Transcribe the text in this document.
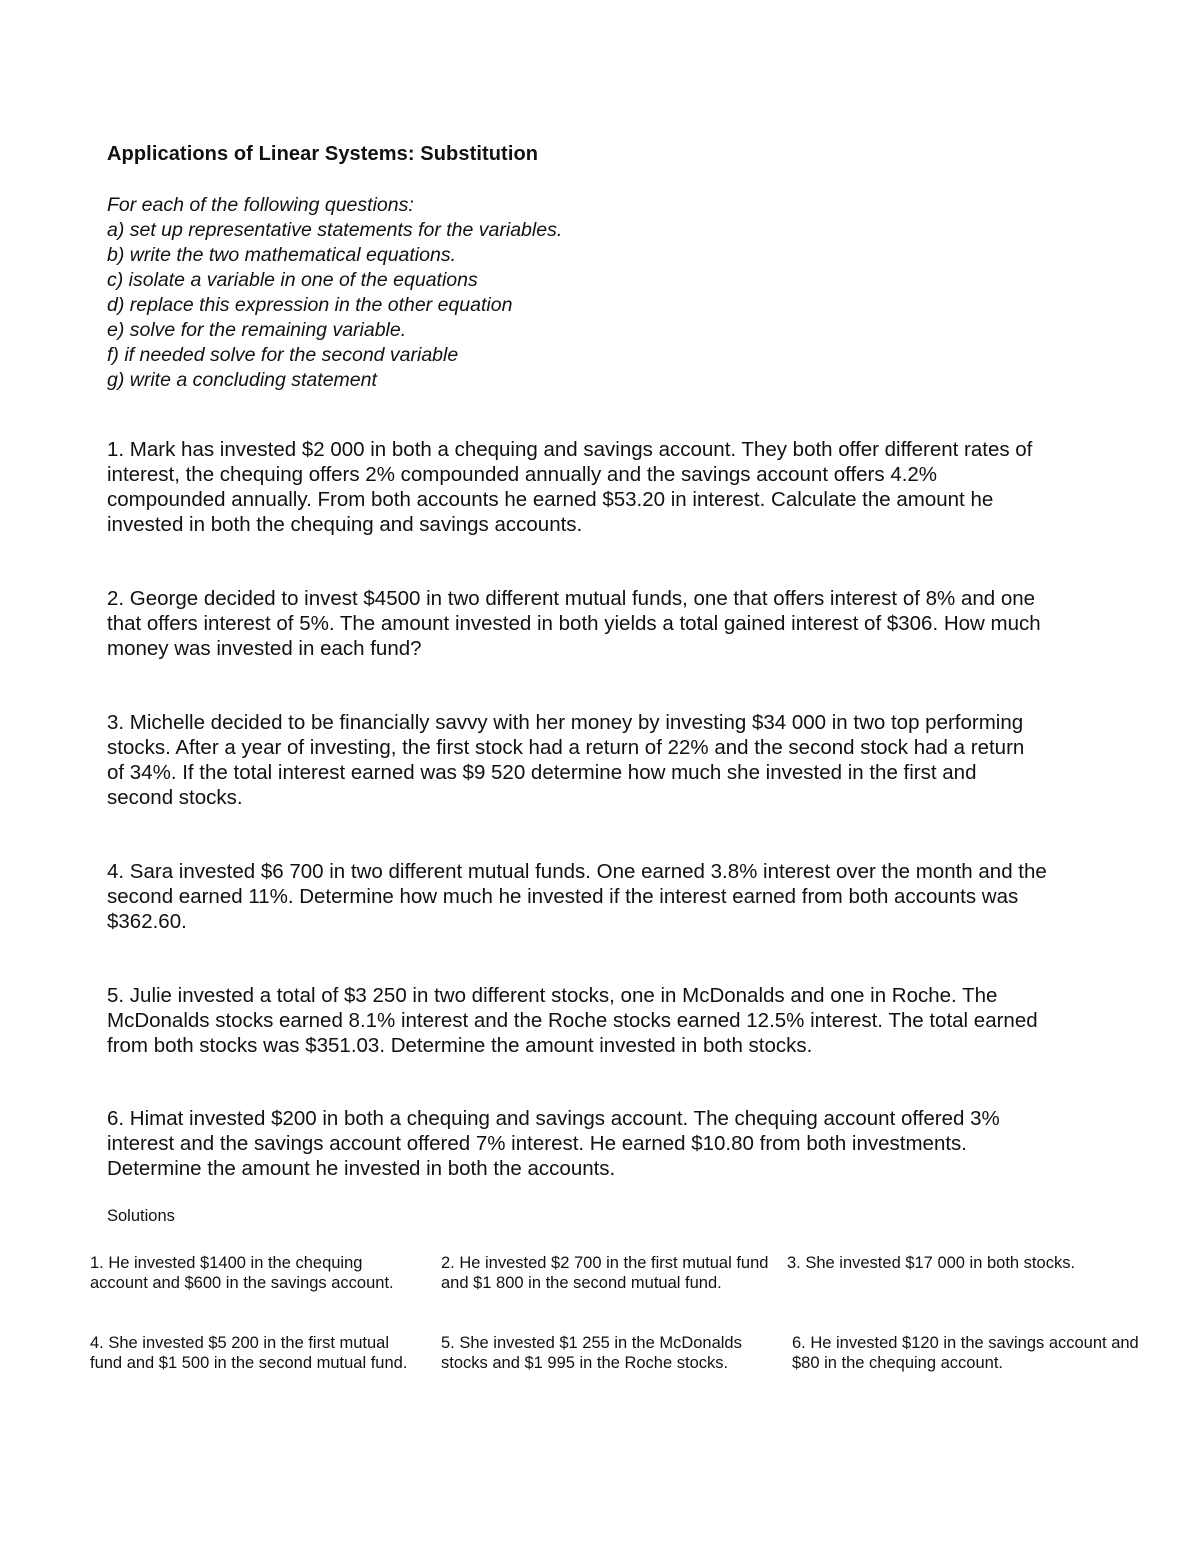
Applications of Linear Systems: Substitution
For each of the following questions:
a) set up representative statements for the variables.
b) write the two mathematical equations.
c) isolate a variable in one of the equations
d) replace this expression in the other equation
e) solve for the remaining variable.
f) if needed solve for the second variable
g) write a concluding statement

1. Mark has invested $2 000 in both a chequing and savings account. They both offer different rates of interest, the chequing offers 2% compounded annually and the savings account offers 4.2% compounded annually. From both accounts he earned $53.20 in interest. Calculate the amount he invested in both the chequing and savings accounts.

2. George decided to invest $4500 in two different mutual funds, one that offers interest of 8% and one that offers interest of 5%. The amount invested in both yields a total gained interest of $306. How much money was invested in each fund?

3. Michelle decided to be financially savvy with her money by investing $34 000 in two top performing stocks. After a year of investing, the first stock had a return of 22% and the second stock had a return of 34%. If the total interest earned was $9 520 determine how much she invested in the first and second stocks.

4. Sara invested $6 700 in two different mutual funds. One earned 3.8% interest over the month and the second earned 11%. Determine how much he invested if the interest earned from both accounts was $362.60.

5. Julie invested a total of $3 250 in two different stocks, one in McDonalds and one in Roche. The McDonalds stocks earned 8.1% interest and the Roche stocks earned 12.5% interest. The total earned from both stocks was $351.03. Determine the amount invested in both stocks.

6. Himat invested $200 in both a chequing and savings account. The chequing account offered 3% interest and the savings account offered 7% interest. He earned $10.80 from both investments. Determine the amount he invested in both the accounts.

Solutions

1. He invested $1400 in the chequing account and $600 in the savings account.

2. He invested $2 700 in the first mutual fund and $1 800 in the second mutual fund.

3. She invested $17 000 in both stocks.

4. She invested $5 200 in the first mutual fund and $1 500 in the second mutual fund.

5. She invested $1 255 in the McDonalds stocks and $1 995 in the Roche stocks.

6. He invested $120 in the savings account and $80 in the chequing account.
